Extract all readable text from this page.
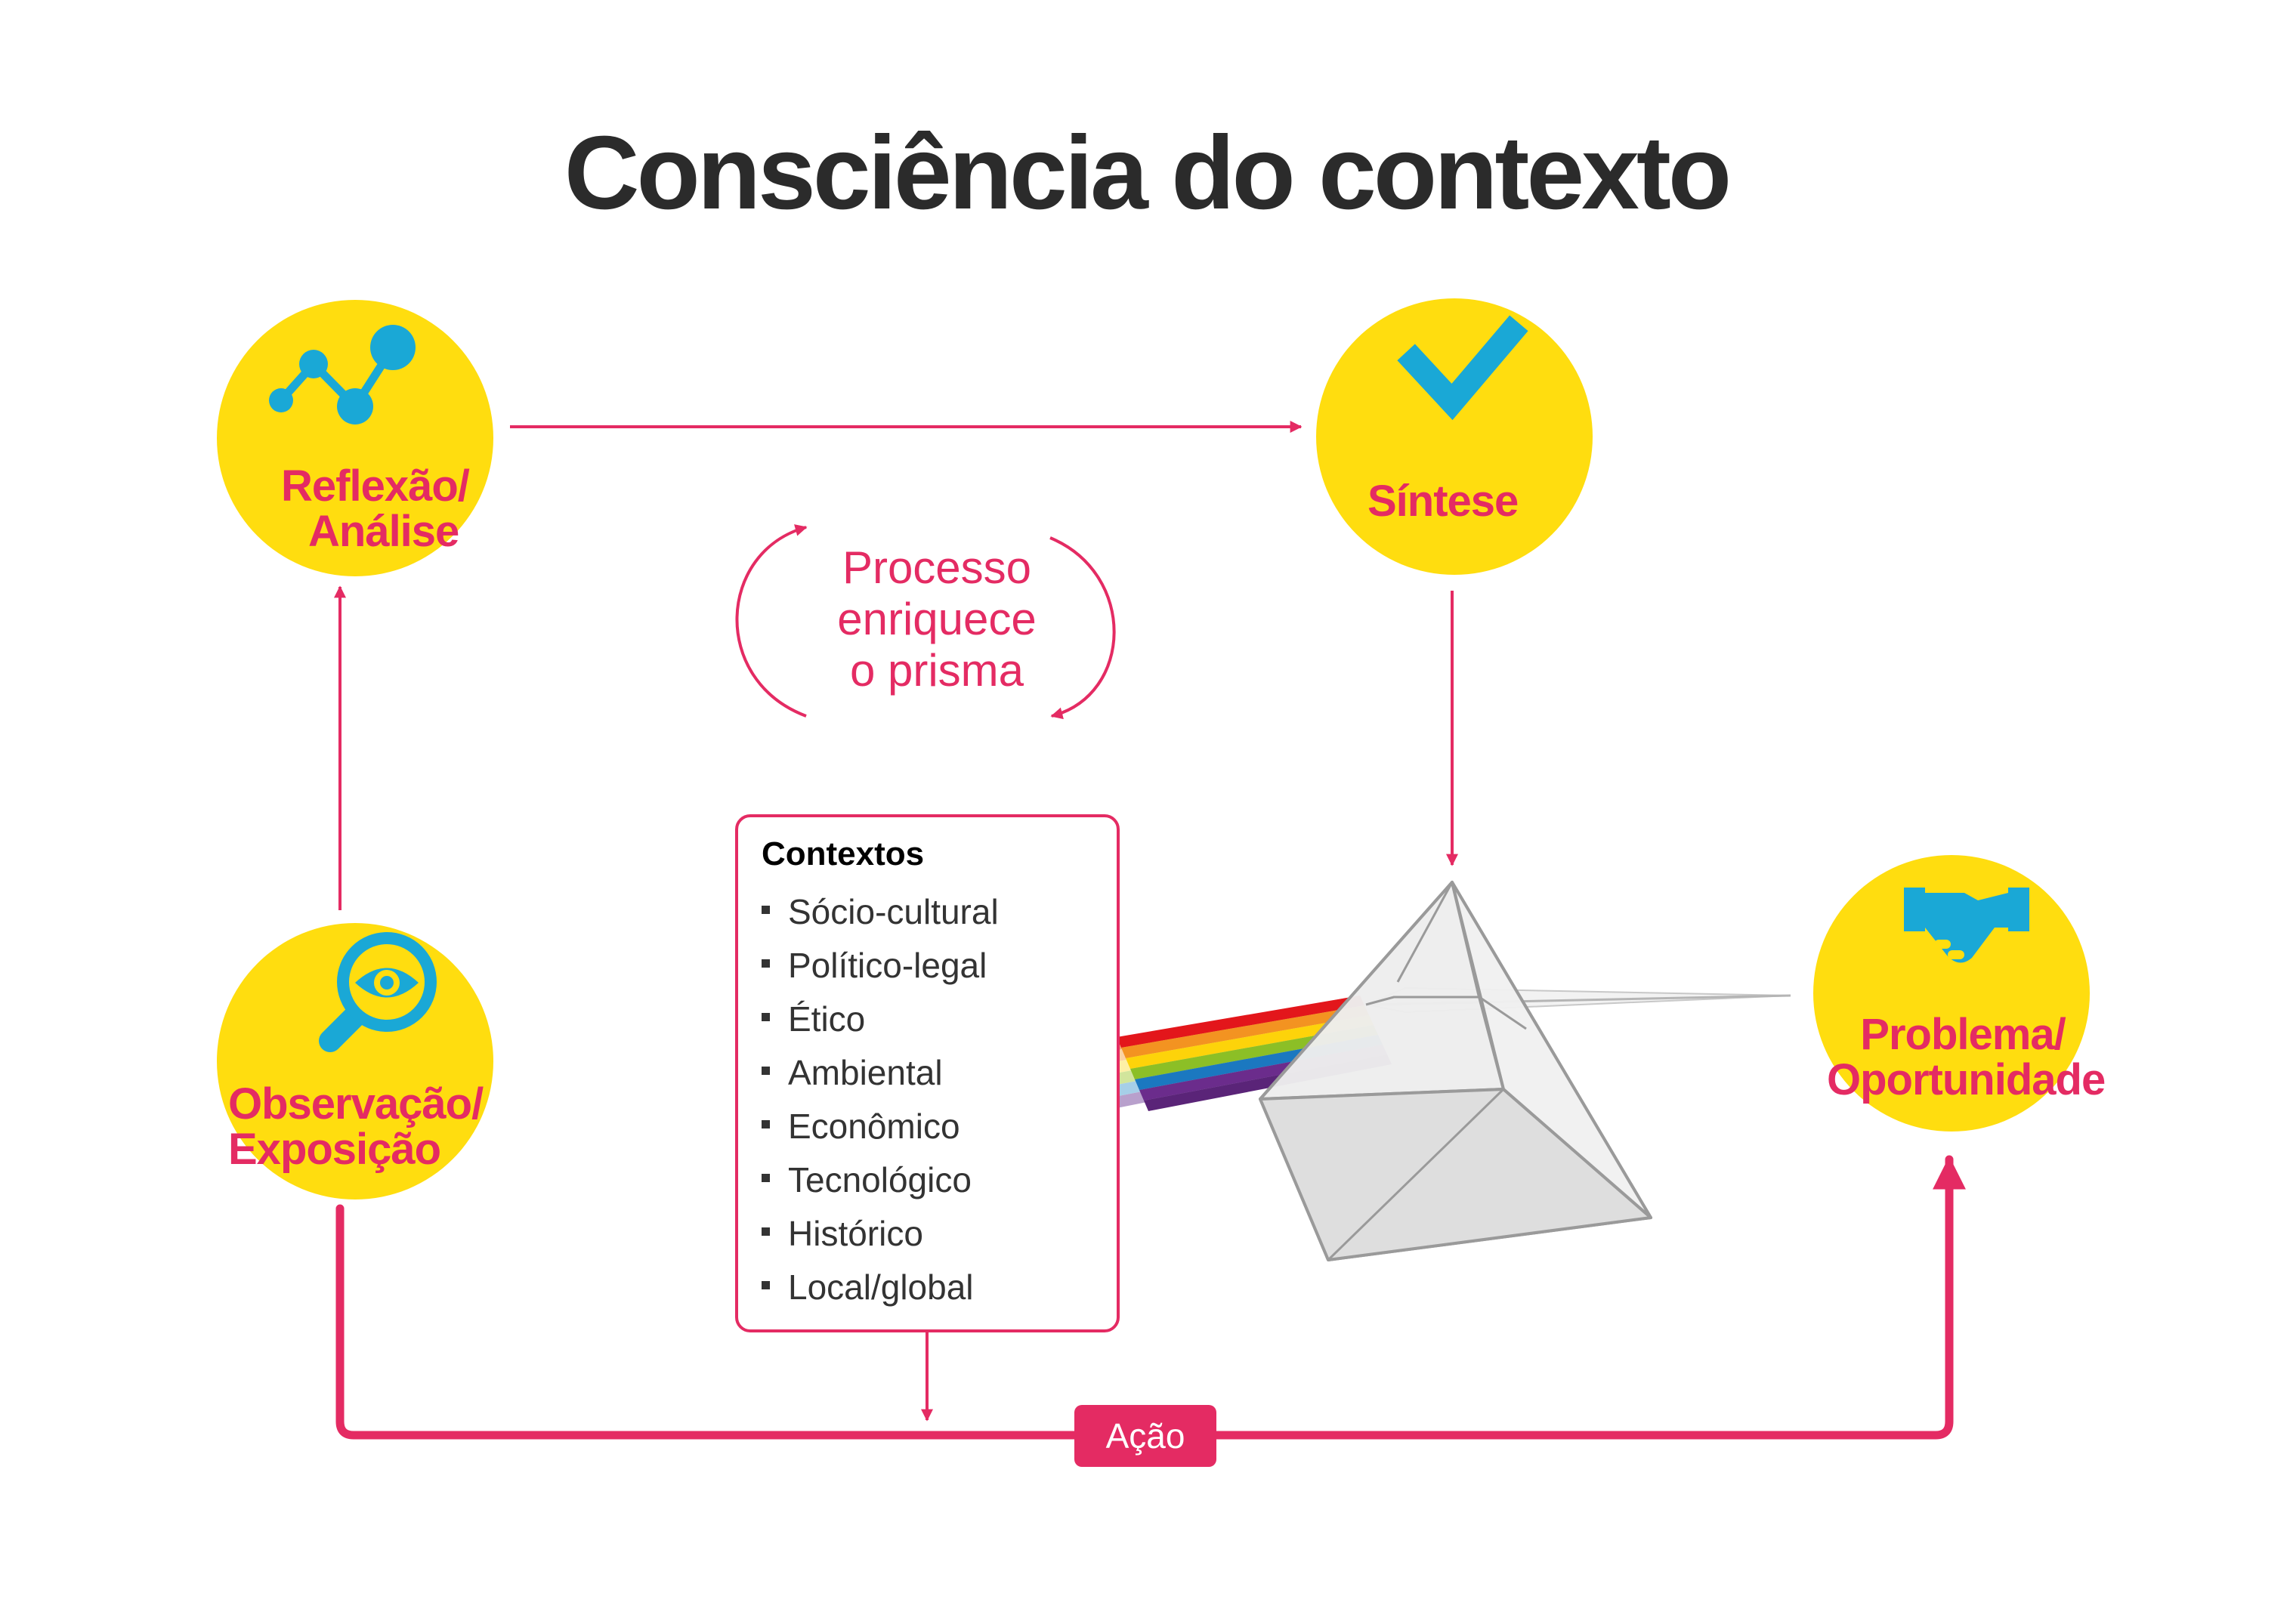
Consciência do contexto
Reflexão/
Análise
Síntese
Observação/
Exposição
Problema/
Oportunidade
Processo
enriquece
o prisma
Contextos
Sócio-cultural
Político-legal
Ético
Ambiental
Econômico
Tecnológico
Histórico
Local/global
Ação
